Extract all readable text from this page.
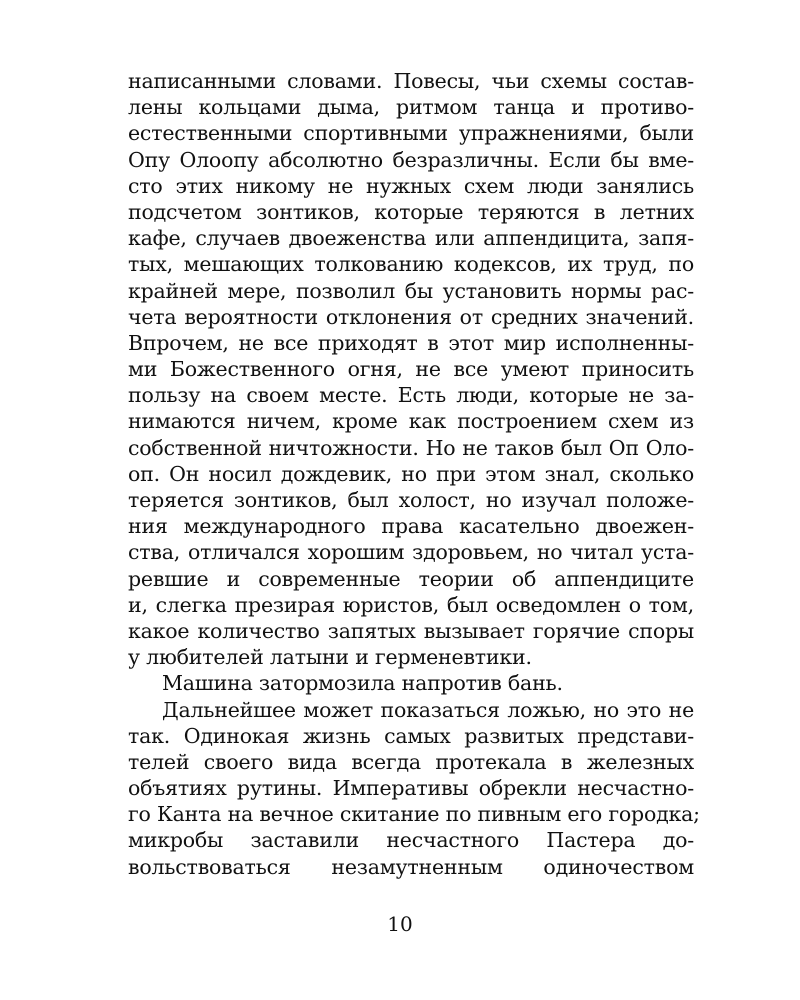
написанными словами. Повесы, чьи схемы состав-
лены кольцами дыма, ритмом танца и противо-
естественными спортивными упражнениями, были
Опу Олоопу абсолютно безразличны. Если бы вме-
сто этих никому не нужных схем люди занялись
подсчетом зонтиков, которые теряются в летних
кафе, случаев двоеженства или аппендицита, запя-
тых, мешающих толкованию кодексов, их труд, по
крайней мере, позволил бы установить нормы рас-
чета вероятности отклонения от средних значений.
Впрочем, не все приходят в этот мир исполненны-
ми Божественного огня, не все умеют приносить
пользу на своем месте. Есть люди, которые не за-
нимаются ничем, кроме как построением схем из
собственной ничтожности. Но не таков был Оп Оло-
оп. Он носил дождевик, но при этом знал, сколько
теряется зонтиков, был холост, но изучал положе-
ния международного права касательно двоежен-
ства, отличался хорошим здоровьем, но читал уста-
ревшие и современные теории об аппендиците
и, слегка презирая юристов, был осведомлен о том,
какое количество запятых вызывает горячие споры
у любителей латыни и герменевтики.
Машина затормозила напротив бань.
Дальнейшее может показаться ложью, но это не
так. Одинокая жизнь самых развитых представи-
телей своего вида всегда протекала в железных
объятиях рутины. Императивы обрекли несчастно-
го Канта на вечное скитание по пивным его городка;
микробы заставили несчастного Пастера до-
вольствоваться незамутненным одиночеством
10
